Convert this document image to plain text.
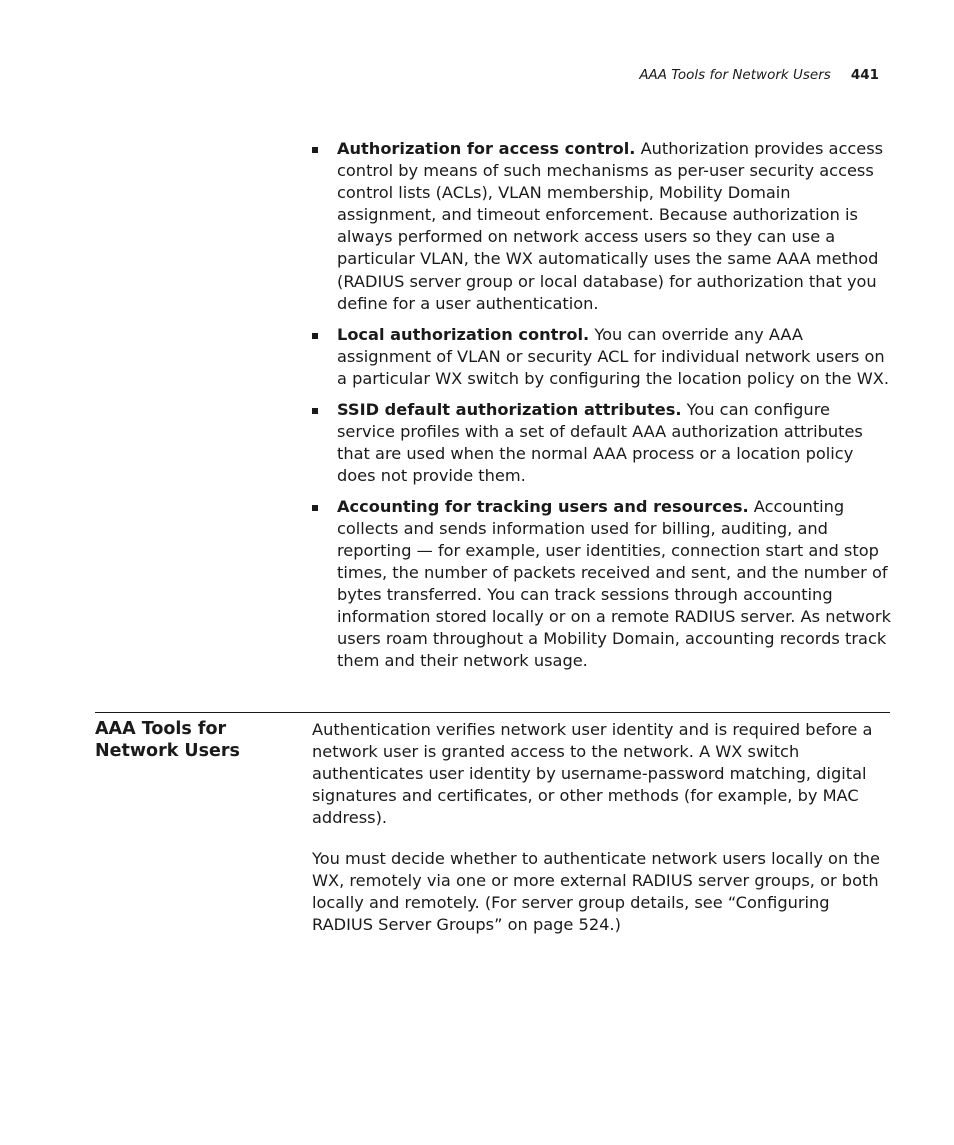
AAA Tools for Network Users 441
Authorization for access control. Authorization provides access control by means of such mechanisms as per-user security access control lists (ACLs), VLAN membership, Mobility Domain assignment, and timeout enforcement. Because authorization is always performed on network access users so they can use a particular VLAN, the WX automatically uses the same AAA method (RADIUS server group or local database) for authorization that you define for a user authentication.
Local authorization control. You can override any AAA assignment of VLAN or security ACL for individual network users on a particular WX switch by configuring the location policy on the WX.
SSID default authorization attributes. You can configure service profiles with a set of default AAA authorization attributes that are used when the normal AAA process or a location policy does not provide them.
Accounting for tracking users and resources. Accounting collects and sends information used for billing, auditing, and reporting — for example, user identities, connection start and stop times, the number of packets received and sent, and the number of bytes transferred. You can track sessions through accounting information stored locally or on a remote RADIUS server. As network users roam throughout a Mobility Domain, accounting records track them and their network usage.
AAA Tools for
Network Users

Authentication verifies network user identity and is required before a network user is granted access to the network. A WX switch authenticates user identity by username-password matching, digital signatures and certificates, or other methods (for example, by MAC address).

You must decide whether to authenticate network users locally on the WX, remotely via one or more external RADIUS server groups, or both locally and remotely. (For server group details, see “Configuring RADIUS Server Groups” on page 524.)
